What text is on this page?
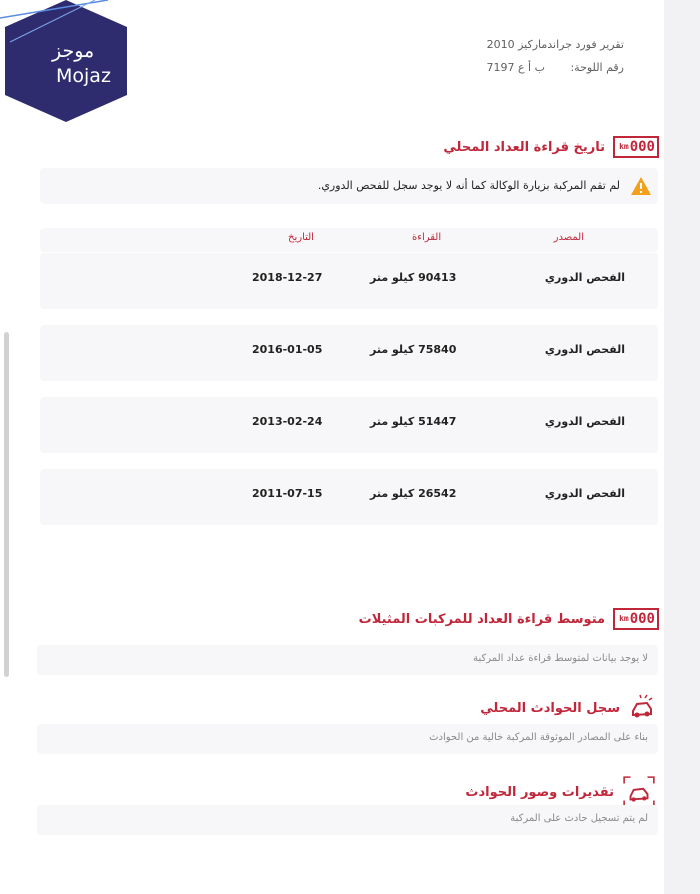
موجز
Mojaz
تقرير فورد جراندماركيز 2010
رقم اللوحة: ب أ ع 7197
000
km
تاريخ قراءة العداد المحلي
لم تقم المركبة بزيارة الوكالة كما أنه لا يوجد سجل للفحص الدوري.
المصدر
القراءة
التاريخ
الفحص الدوري
90413 كيلو متر
2018-12-27
الفحص الدوري
75840 كيلو متر
2016-01-05
الفحص الدوري
51447 كيلو متر
2013-02-24
الفحص الدوري
26542 كيلو متر
2011-07-15
000
km
متوسط قراءة العداد للمركبات المثيلات
لا يوجد بيانات لمتوسط قراءة عداد المركبة
سجل الحوادث المحلي
بناء على المصادر الموثوقة المركبة خالية من الحوادث
تقديرات وصور الحوادث
لم يتم تسجيل حادث على المركبة
